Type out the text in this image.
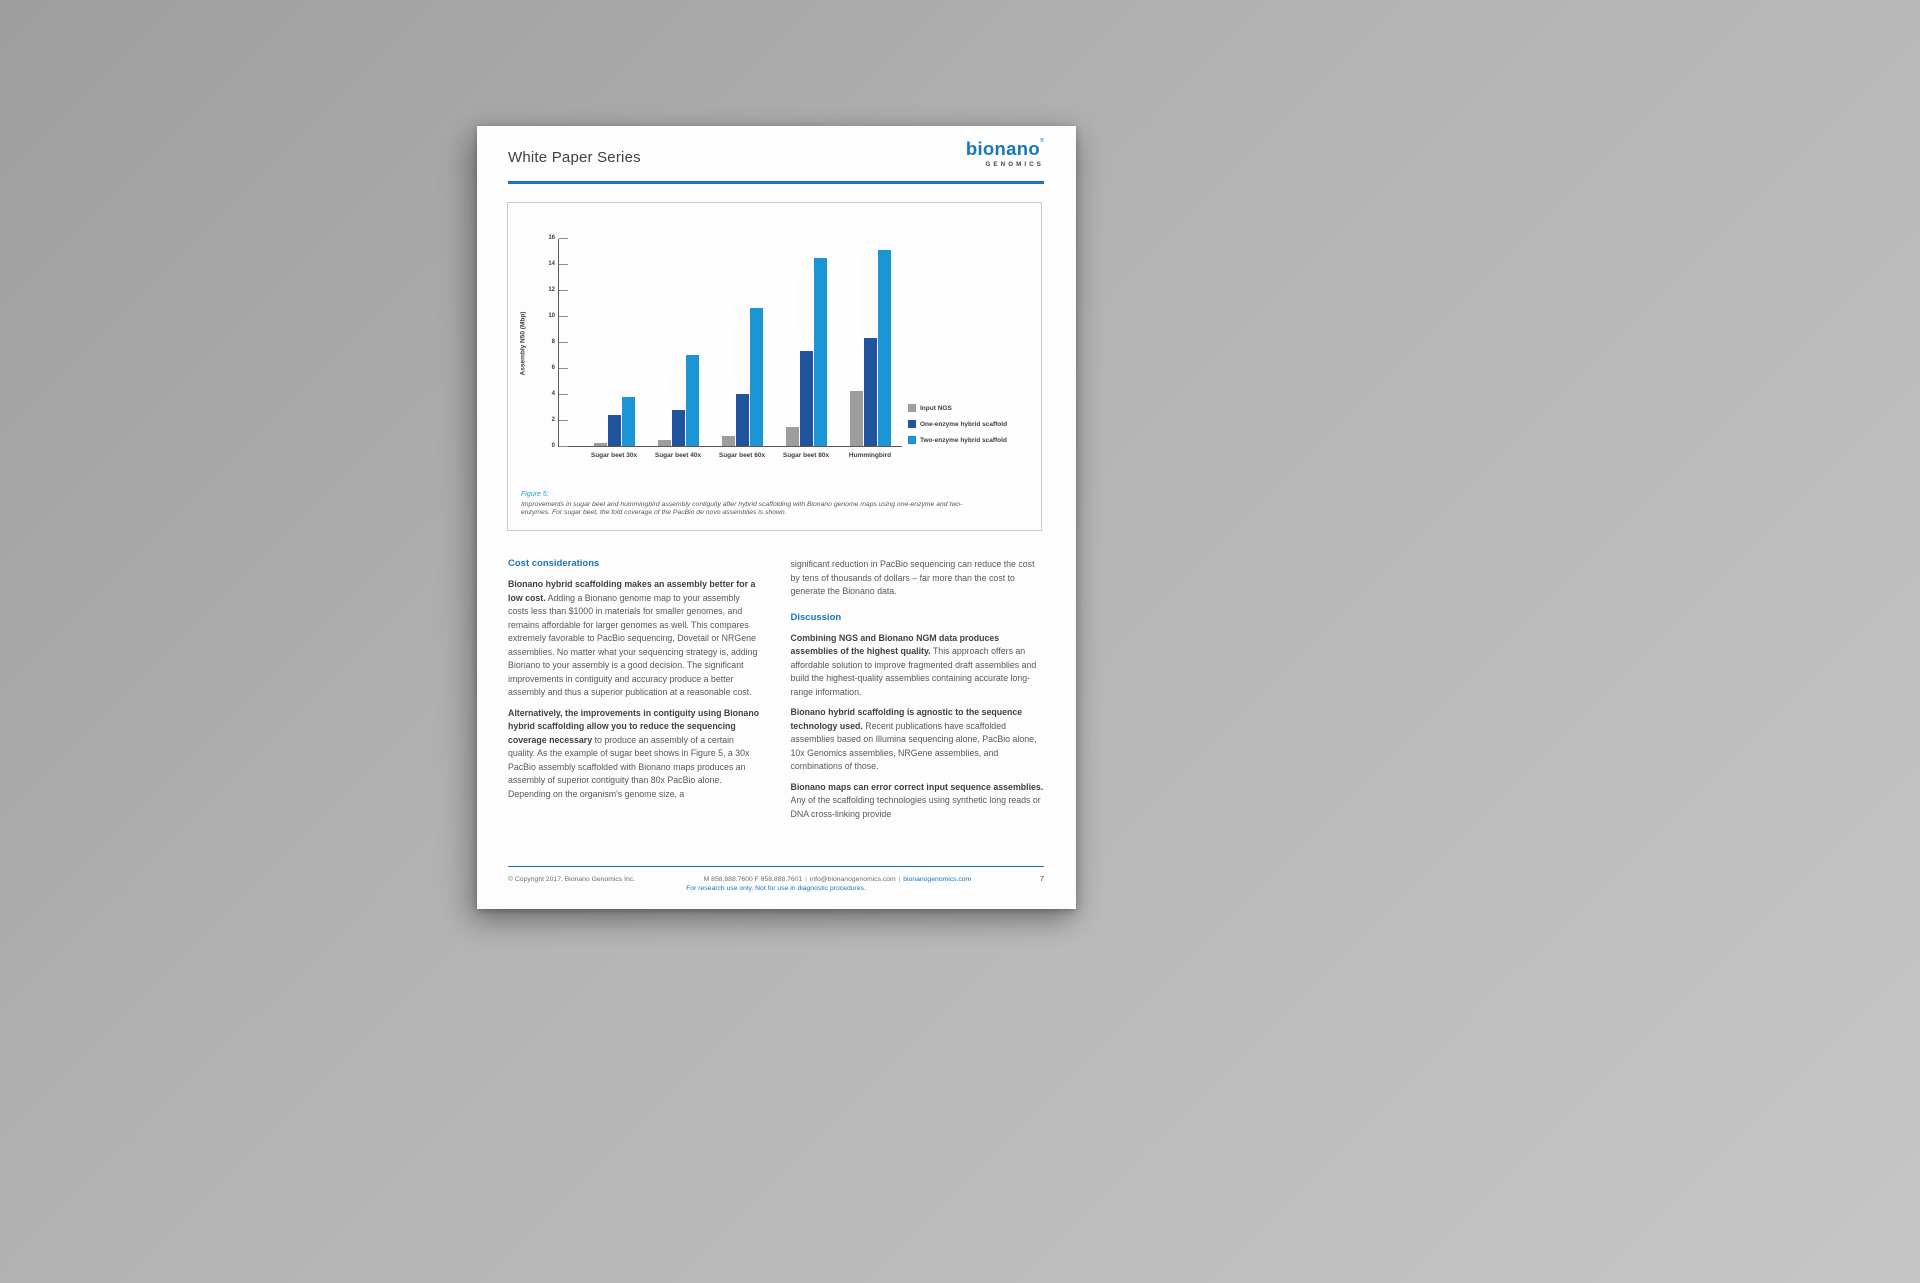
White Paper Series	bionano®
GENOMICS
Assembly N50 (Mbp)
0
2
4
6
8
10
12
14
16
Sugar beet 30x	Sugar beet 40x	Sugar beet 60x	Sugar beet 80x	Hummingbird
Input NGS
One-enzyme hybrid scaffold
Two-enzyme hybrid scaffold
Figure 5:
Improvements in sugar beet and hummingbird assembly contiguity after hybrid scaffolding with Bionano genome maps using one-enzyme and two-enzymes. For sugar beet, the fold coverage of the PacBio de novo assemblies is shown.
Cost considerations

Bionano hybrid scaffolding makes an assembly better for a low cost. Adding a Bionano genome map to your assembly costs less than $1000 in materials for smaller genomes, and remains affordable for larger genomes as well. This compares extremely favorable to PacBio sequencing, Dovetail or NRGene assemblies. No matter what your sequencing strategy is, adding Bionano to your assembly is a good decision. The significant improvements in contiguity and accuracy produce a better assembly and thus a superior publication at a reasonable cost.

Alternatively, the improvements in contiguity using Bionano hybrid scaffolding allow you to reduce the sequencing coverage necessary to produce an assembly of a certain quality. As the example of sugar beet shows in Figure 5, a 30x PacBio assembly scaffolded with Bionano maps produces an assembly of superior contiguity than 80x PacBio alone. Depending on the organism's genome size, a

significant reduction in PacBio sequencing can reduce the cost by tens of thousands of dollars – far more than the cost to generate the Bionano data.

Discussion

Combining NGS and Bionano NGM data produces assemblies of the highest quality. This approach offers an affordable solution to improve fragmented draft assemblies and build the highest-quality assemblies containing accurate long-range information.

Bionano hybrid scaffolding is agnostic to the sequence technology used. Recent publications have scaffolded assemblies based on Illumina sequencing alone, PacBio alone, 10x Genomics assemblies, NRGene assemblies, and combinations of those.

Bionano maps can error correct input sequence assemblies. Any of the scaffolding technologies using synthetic long reads or DNA cross-linking provide

© Copyright 2017, Bionano Genomics Inc.	M 858.888.7600 F 858.888.7601 | info@bionanogenomics.com | bionanogenomics.com	7
For research use only. Not for use in diagnostic procedures.
